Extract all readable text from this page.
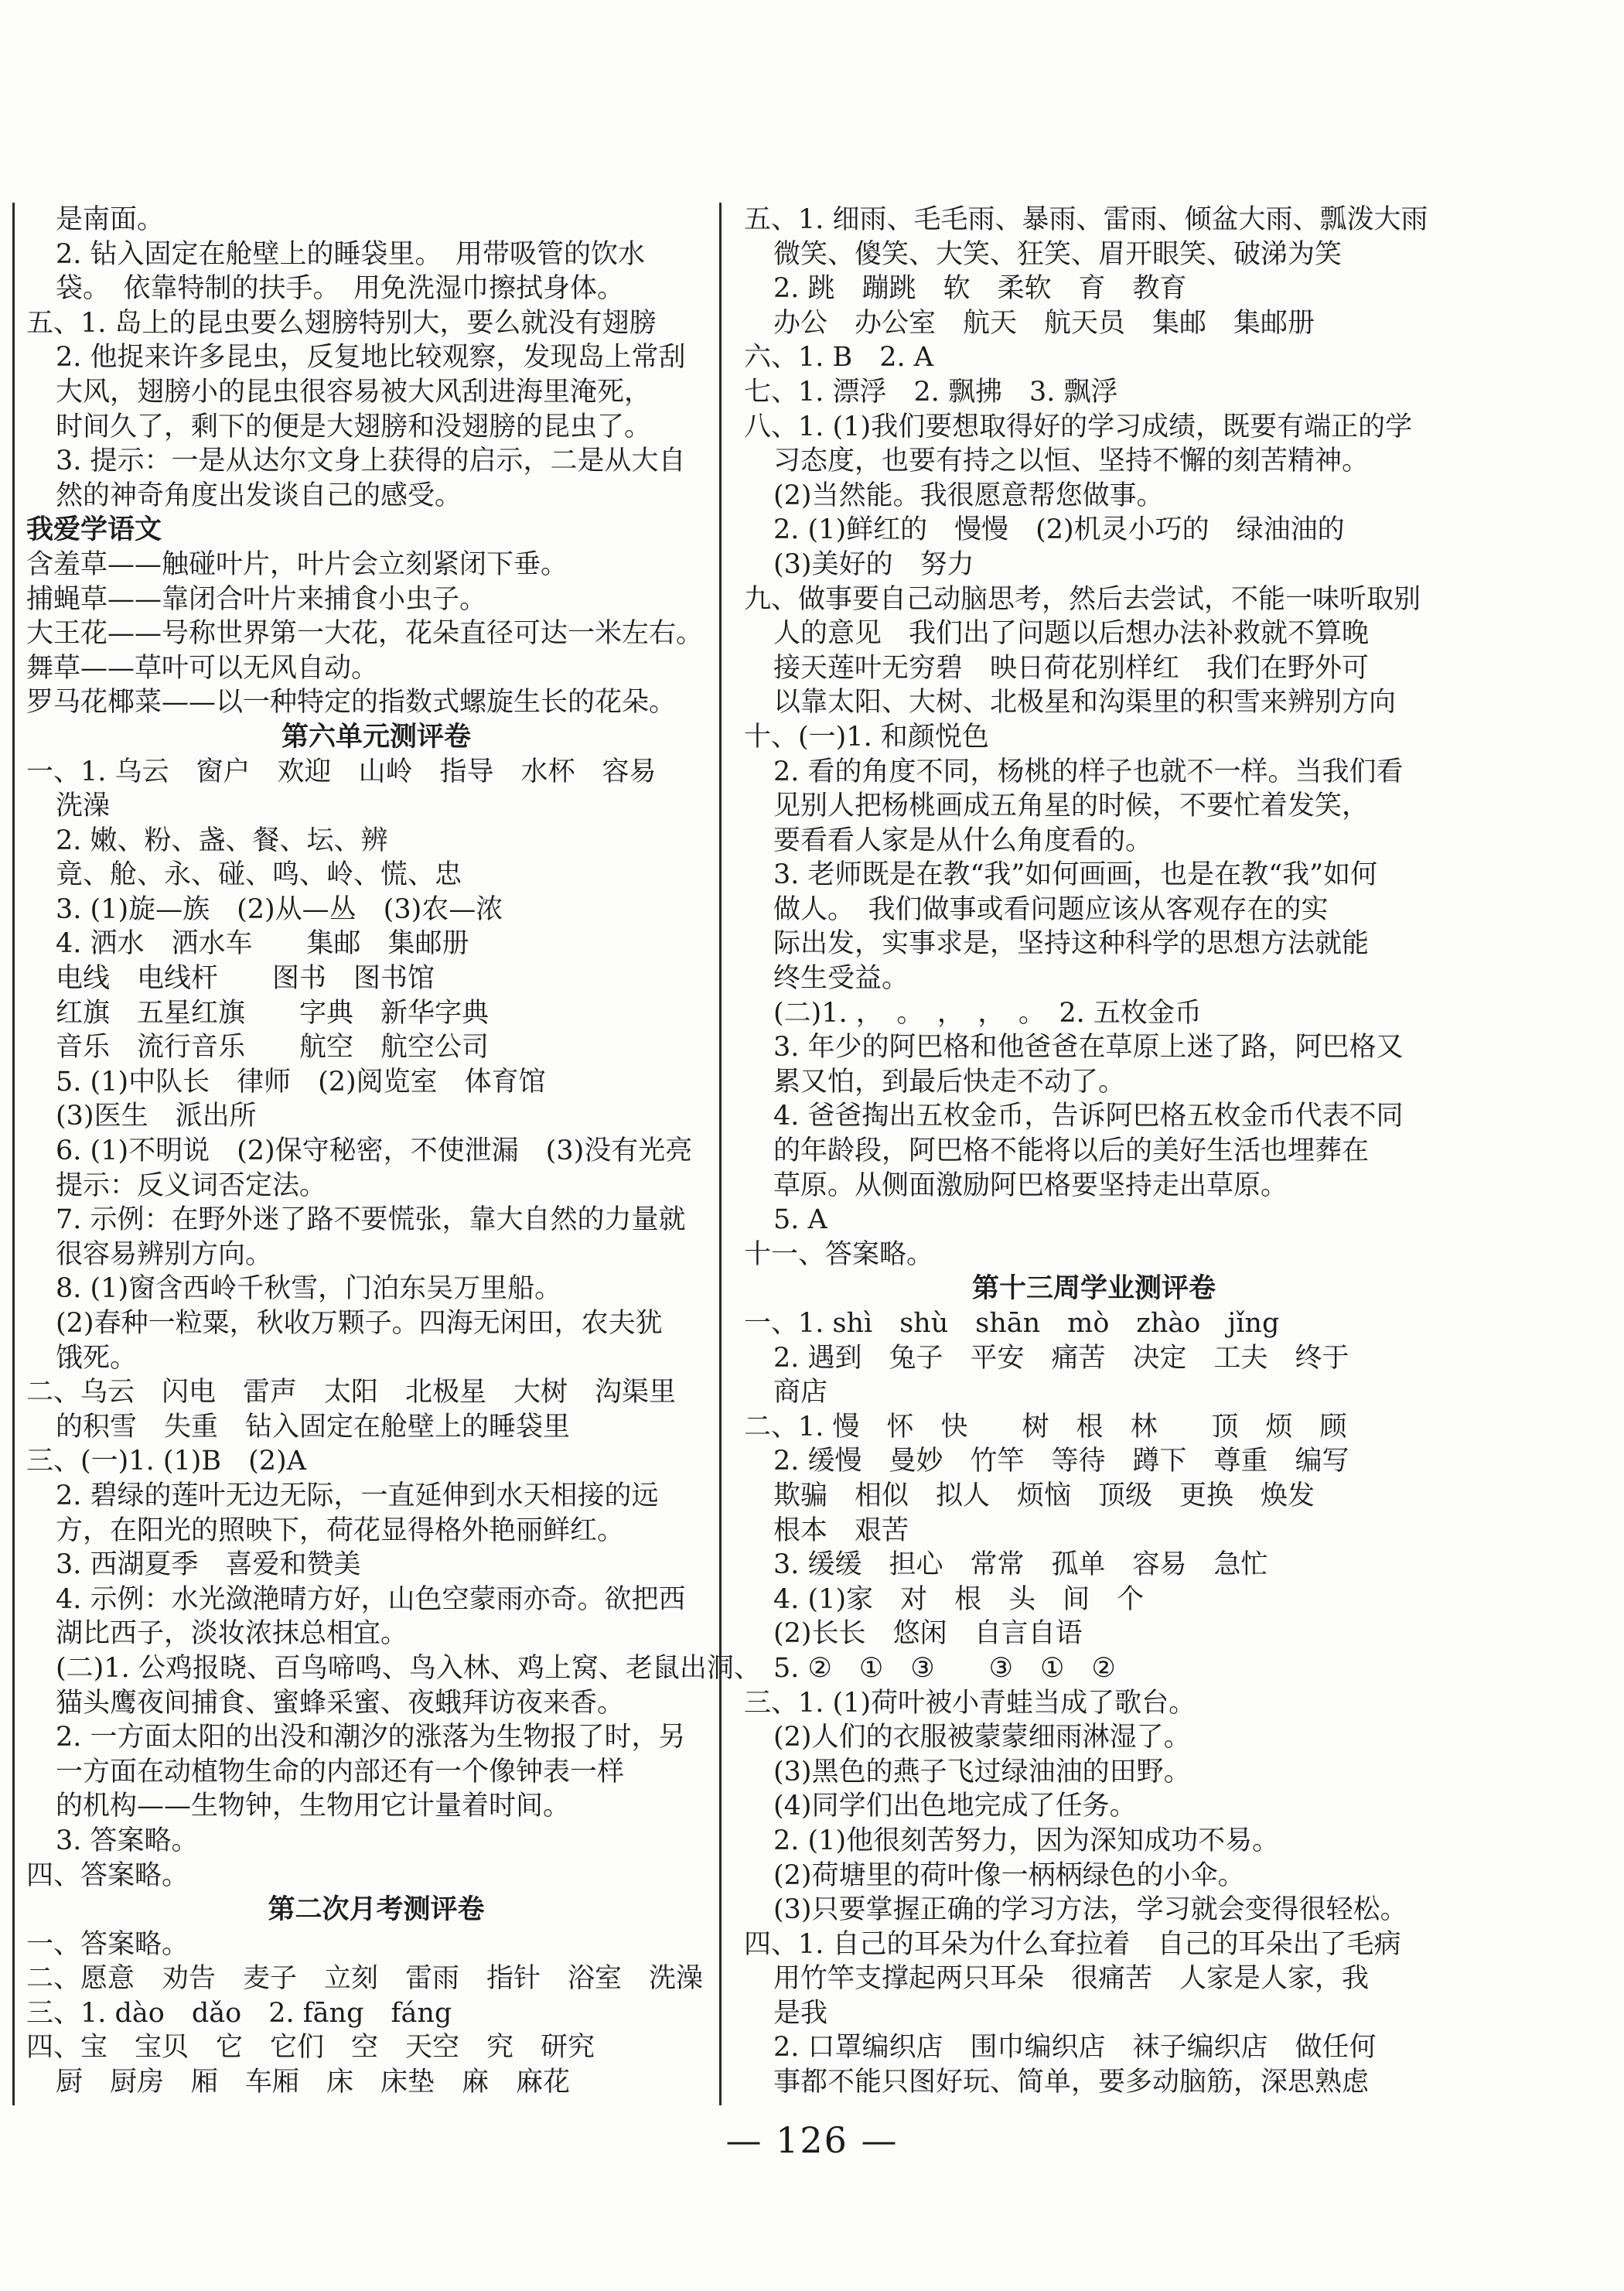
是南面。
2. 钻入固定在舱壁上的睡袋里。　用带吸管的饮水
袋。　依靠特制的扶手。　用免洗湿巾擦拭身体。
五、1. 岛上的昆虫要么翅膀特别大，要么就没有翅膀
2. 他捉来许多昆虫，反复地比较观察，发现岛上常刮
大风，翅膀小的昆虫很容易被大风刮进海里淹死，
时间久了，剩下的便是大翅膀和没翅膀的昆虫了。
3. 提示：一是从达尔文身上获得的启示，二是从大自
然的神奇角度出发谈自己的感受。
我爱学语文
含羞草——触碰叶片，叶片会立刻紧闭下垂。
捕蝇草——靠闭合叶片来捕食小虫子。
大王花——号称世界第一大花，花朵直径可达一米左右。
舞草——草叶可以无风自动。
罗马花椰菜——以一种特定的指数式螺旋生长的花朵。
第六单元测评卷
一、1. 乌云　窗户　欢迎　山岭　指导　水杯　容易
洗澡
2. 嫩、粉、盏、餐、坛、辨
竟、舱、永、碰、鸣、岭、慌、忠
3. (1)旋—族　(2)从—丛　(3)农—浓
4. 洒水　洒水车　　集邮　集邮册
电线　电线杆　　图书　图书馆
红旗　五星红旗　　字典　新华字典
音乐　流行音乐　　航空　航空公司
5. (1)中队长　律师　(2)阅览室　体育馆
(3)医生　派出所
6. (1)不明说　(2)保守秘密，不使泄漏　(3)没有光亮
提示：反义词否定法。
7. 示例：在野外迷了路不要慌张，靠大自然的力量就
很容易辨别方向。
8. (1)窗含西岭千秋雪，门泊东吴万里船。
(2)春种一粒粟，秋收万颗子。四海无闲田，农夫犹
饿死。
二、乌云　闪电　雷声　太阳　北极星　大树　沟渠里
的积雪　失重　钻入固定在舱壁上的睡袋里
三、(一)1. (1)B　(2)A
2. 碧绿的莲叶无边无际，一直延伸到水天相接的远
方，在阳光的照映下，荷花显得格外艳丽鲜红。
3. 西湖夏季　喜爱和赞美
4. 示例：水光潋滟晴方好，山色空蒙雨亦奇。欲把西
湖比西子，淡妆浓抹总相宜。
(二)1. 公鸡报晓、百鸟啼鸣、鸟入林、鸡上窝、老鼠出洞、
猫头鹰夜间捕食、蜜蜂采蜜、夜蛾拜访夜来香。
2. 一方面太阳的出没和潮汐的涨落为生物报了时，另
一方面在动植物生命的内部还有一个像钟表一样
的机构——生物钟，生物用它计量着时间。
3. 答案略。
四、答案略。
第二次月考测评卷
一、答案略。
二、愿意　劝告　麦子　立刻　雷雨　指针　浴室　洗澡
三、1. dào　dǎo　2. fāng　fáng
四、宝　宝贝　它　它们　空　天空　究　研究
厨　厨房　厢　车厢　床　床垫　麻　麻花
五、1. 细雨、毛毛雨、暴雨、雷雨、倾盆大雨、瓢泼大雨
微笑、傻笑、大笑、狂笑、眉开眼笑、破涕为笑
2. 跳　蹦跳　软　柔软　育　教育
办公　办公室　航天　航天员　集邮　集邮册
六、1. B　2. A
七、1. 漂浮　2. 飘拂　3. 飘浮
八、1. (1)我们要想取得好的学习成绩，既要有端正的学
习态度，也要有持之以恒、坚持不懈的刻苦精神。
(2)当然能。我很愿意帮您做事。
2. (1)鲜红的　慢慢　(2)机灵小巧的　绿油油的
(3)美好的　努力
九、做事要自己动脑思考，然后去尝试，不能一味听取别
人的意见　我们出了问题以后想办法补救就不算晚
接天莲叶无穷碧　映日荷花别样红　我们在野外可
以靠太阳、大树、北极星和沟渠里的积雪来辨别方向
十、(一)1. 和颜悦色
2. 看的角度不同，杨桃的样子也就不一样。当我们看
见别人把杨桃画成五角星的时候，不要忙着发笑，
要看看人家是从什么角度看的。
3. 老师既是在教“我”如何画画，也是在教“我”如何
做人。　我们做事或看问题应该从客观存在的实
际出发，实事求是，坚持这种科学的思想方法就能
终生受益。
(二)1. ，　。　，　，　。　2. 五枚金币
3. 年少的阿巴格和他爸爸在草原上迷了路，阿巴格又
累又怕，到最后快走不动了。
4. 爸爸掏出五枚金币，告诉阿巴格五枚金币代表不同
的年龄段，阿巴格不能将以后的美好生活也埋葬在
草原。从侧面激励阿巴格要坚持走出草原。
5. A
十一、答案略。
第十三周学业测评卷
一、1. shì　shù　shān　mò　zhào　jǐng
2. 遇到　兔子　平安　痛苦　决定　工夫　终于
商店
二、1. 慢　怀　快　　树　根　林　　顶　烦　顾
2. 缓慢　曼妙　竹竿　等待　蹲下　尊重　编写
欺骗　相似　拟人　烦恼　顶级　更换　焕发
根本　艰苦
3. 缓缓　担心　常常　孤单　容易　急忙
4. (1)家　对　根　头　间　个
(2)长长　悠闲　自言自语
5. ②　①　③　　③　①　②
三、1. (1)荷叶被小青蛙当成了歌台。
(2)人们的衣服被蒙蒙细雨淋湿了。
(3)黑色的燕子飞过绿油油的田野。
(4)同学们出色地完成了任务。
2. (1)他很刻苦努力，因为深知成功不易。
(2)荷塘里的荷叶像一柄柄绿色的小伞。
(3)只要掌握正确的学习方法，学习就会变得很轻松。
四、1. 自己的耳朵为什么耷拉着　自己的耳朵出了毛病
用竹竿支撑起两只耳朵　很痛苦　人家是人家，我
是我
2. 口罩编织店　围巾编织店　袜子编织店　做任何
事都不能只图好玩、简单，要多动脑筋，深思熟虑
— 126 —
